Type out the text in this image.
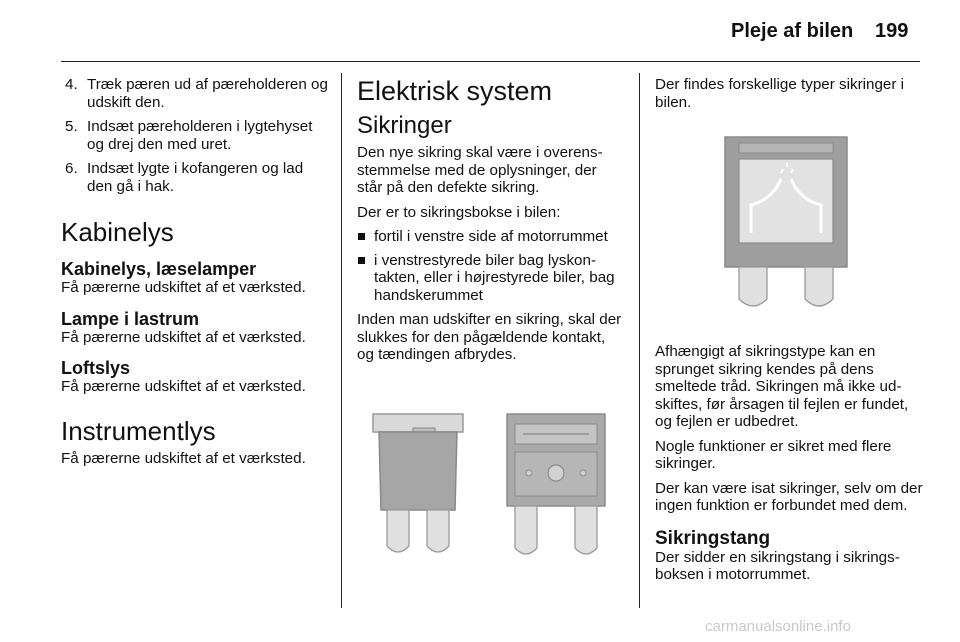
Pleje af bilen 199
4. Træk pæren ud af pæreholderen og udskift den.
5. Indsæt pæreholderen i lygtehyset og drej den med uret.
6. Indsæt lygte i kofangeren og lad den gå i hak.
Kabinelys
Kabinelys, læselamper

Få pærerne udskiftet af et værksted.

Lampe i lastrum

Få pærerne udskiftet af et værksted.

Loftslys

Få pærerne udskiftet af et værksted.

Instrumentlys

Få pærerne udskiftet af et værksted.

Elektrisk system
Sikringer

Den nye sikring skal være i overensstemmelse med de oplysninger, der står på den defekte sikring.

Der er to sikringsbokse i bilen:

fortil i venstre side af motorrummet
i venstrestyrede biler bag lyskontakten, eller i højrestyrede biler, bag handskerummet

Inden man udskifter en sikring, skal der slukkes for den pågældende kontakt, og tændingen afbrydes.

Der findes forskellige typer sikringer i bilen.

Afhængigt af sikringstype kan en sprunget sikring kendes på dens smeltede tråd. Sikringen må ikke udskiftes, før årsagen til fejlen er fundet, og fejlen er udbedret.

Nogle funktioner er sikret med flere sikringer.

Der kan være isat sikringer, selv om der ingen funktion er forbundet med dem.

Sikringstang

Der sidder en sikringstang i sikringsboksen i motorrummet.

carmanualsonline.info
